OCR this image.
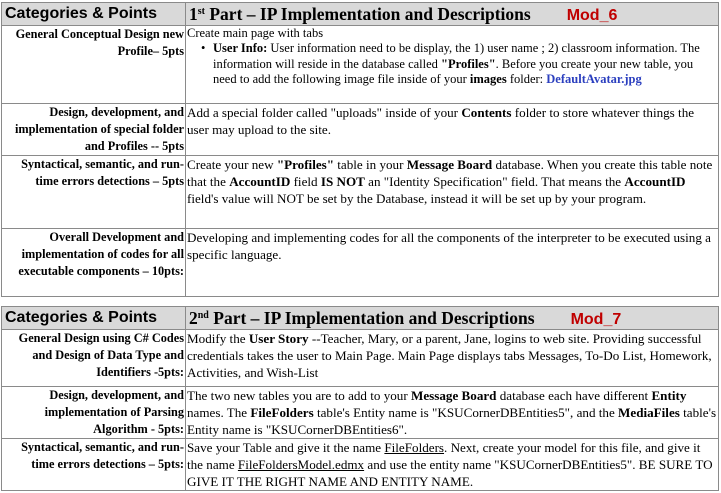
Categories & Points	1st Part – IP Implementation and Descriptions Mod_6
General Conceptual Design new Profile– 5pts	Create main page with tabs
• User Info: User information need to be display, the 1) user name ; 2) classroom information. The information will reside in the database called "Profiles". Before you create your new table, you need to add the following image file inside of your images folder: DefaultAvatar.jpg

Design, development, and implementation of special folder and Profiles -- 5pts	Add a special folder called "uploads" inside of your Contents folder to store whatever things the user may upload to the site.
Syntactical, semantic, and run-time errors detections – 5pts	Create your new "Profiles" table in your Message Board database. When you create this table note that the AccountID field IS NOT an "Identity Specification" field. That means the AccountID field's value will NOT be set by the Database, instead it will be set up by your program.
Overall Development and implementation of codes for all executable components – 10pts:	Developing and implementing codes for all the components of the interpreter to be executed using a specific language.
Categories & Points	2nd Part – IP Implementation and Descriptions Mod_7
General Design using C# Codes and Design of Data Type and Identifiers -5pts:	Modify the User Story --Teacher, Mary, or a parent, Jane, logins to web site. Providing successful credentials takes the user to Main Page. Main Page displays tabs Messages, To-Do List, Homework, Activities, and Wish-List
Design, development, and implementation of Parsing Algorithm - 5pts:	The two new tables you are to add to your Message Board database each have different Entity names. The FileFolders table's Entity name is "KSUCornerDBEntities5", and the MediaFiles table's Entity name is "KSUCornerDBEntities6".
Syntactical, semantic, and run-time errors detections – 5pts:	Save your Table and give it the name FileFolders. Next, create your model for this file, and give it the name FileFoldersModel.edmx and use the entity name "KSUCornerDBEntities5". BE SURE TO GIVE IT THE RIGHT NAME AND ENTITY NAME.
